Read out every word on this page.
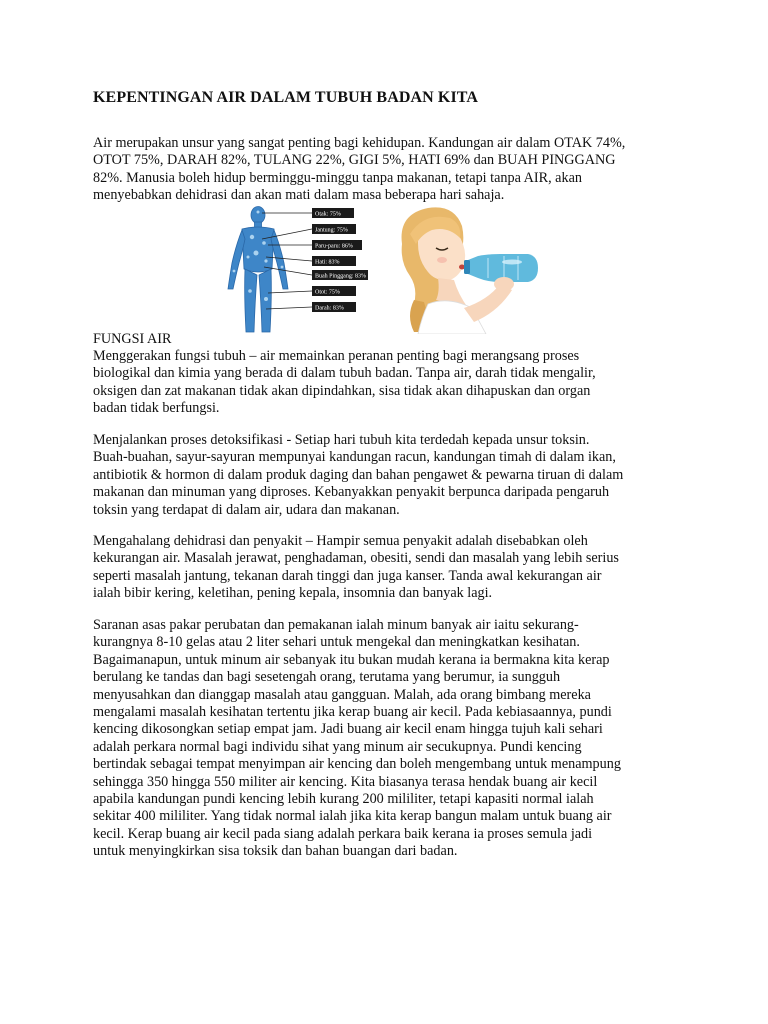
KEPENTINGAN AIR DALAM TUBUH BADAN KITA

Air merupakan unsur yang sangat penting bagi kehidupan. Kandungan air dalam OTAK 74%,
OTOT 75%, DARAH 82%, TULANG 22%, GIGI 5%, HATI 69% dan BUAH PINGGANG
82%. Manusia boleh hidup berminggu-minggu tanpa makanan, tetapi tanpa AIR, akan
menyebabkan dehidrasi dan akan mati dalam masa beberapa hari sahaja.

Otak: 75%
Jantung: 75%
Paru-paru: 86%
Hati: 83%
Buah Pinggang: 83%
Otot: 75%
Darah: 83%
FUNGSI AIR

Menggerakan fungsi tubuh – air memainkan peranan penting bagi merangsang proses
biologikal dan kimia yang berada di dalam tubuh badan. Tanpa air, darah tidak mengalir,
oksigen dan zat makanan tidak akan dipindahkan, sisa tidak akan dihapuskan dan organ
badan tidak berfungsi.

Menjalankan proses detoksifikasi - Setiap hari tubuh kita terdedah kepada unsur toksin.
Buah-buahan, sayur-sayuran mempunyai kandungan racun, kandungan timah di dalam ikan,
antibiotik & hormon di dalam produk daging dan bahan pengawet & pewarna tiruan di dalam
makanan dan minuman yang diproses. Kebanyakkan penyakit berpunca daripada pengaruh
toksin yang terdapat di dalam air, udara dan makanan.

Mengahalang dehidrasi dan penyakit – Hampir semua penyakit adalah disebabkan oleh
kekurangan air. Masalah jerawat, penghadaman, obesiti, sendi dan masalah yang lebih serius
seperti masalah jantung, tekanan darah tinggi dan juga kanser. Tanda awal kekurangan air
ialah bibir kering, keletihan, pening kepala, insomnia dan banyak lagi.

Saranan asas pakar perubatan dan pemakanan ialah minum banyak air iaitu sekurang-
kurangnya 8-10 gelas atau 2 liter sehari untuk mengekal dan meningkatkan kesihatan.
Bagaimanapun, untuk minum air sebanyak itu bukan mudah kerana ia bermakna kita kerap
berulang ke tandas dan bagi sesetengah orang, terutama yang berumur, ia sungguh
menyusahkan dan dianggap masalah atau gangguan. Malah, ada orang bimbang mereka
mengalami masalah kesihatan tertentu jika kerap buang air kecil. Pada kebiasaannya, pundi
kencing dikosongkan setiap empat jam. Jadi buang air kecil enam hingga tujuh kali sehari
adalah perkara normal bagi individu sihat yang minum air secukupnya. Pundi kencing
bertindak sebagai tempat menyimpan air kencing dan boleh mengembang untuk menampung
sehingga 350 hingga 550 militer air kencing. Kita biasanya terasa hendak buang air kecil
apabila kandungan pundi kencing lebih kurang 200 mililiter, tetapi kapasiti normal ialah
sekitar 400 mililiter. Yang tidak normal ialah jika kita kerap bangun malam untuk buang air
kecil. Kerap buang air kecil pada siang adalah perkara baik kerana ia proses semula jadi
untuk menyingkirkan sisa toksik dan bahan buangan dari badan.
